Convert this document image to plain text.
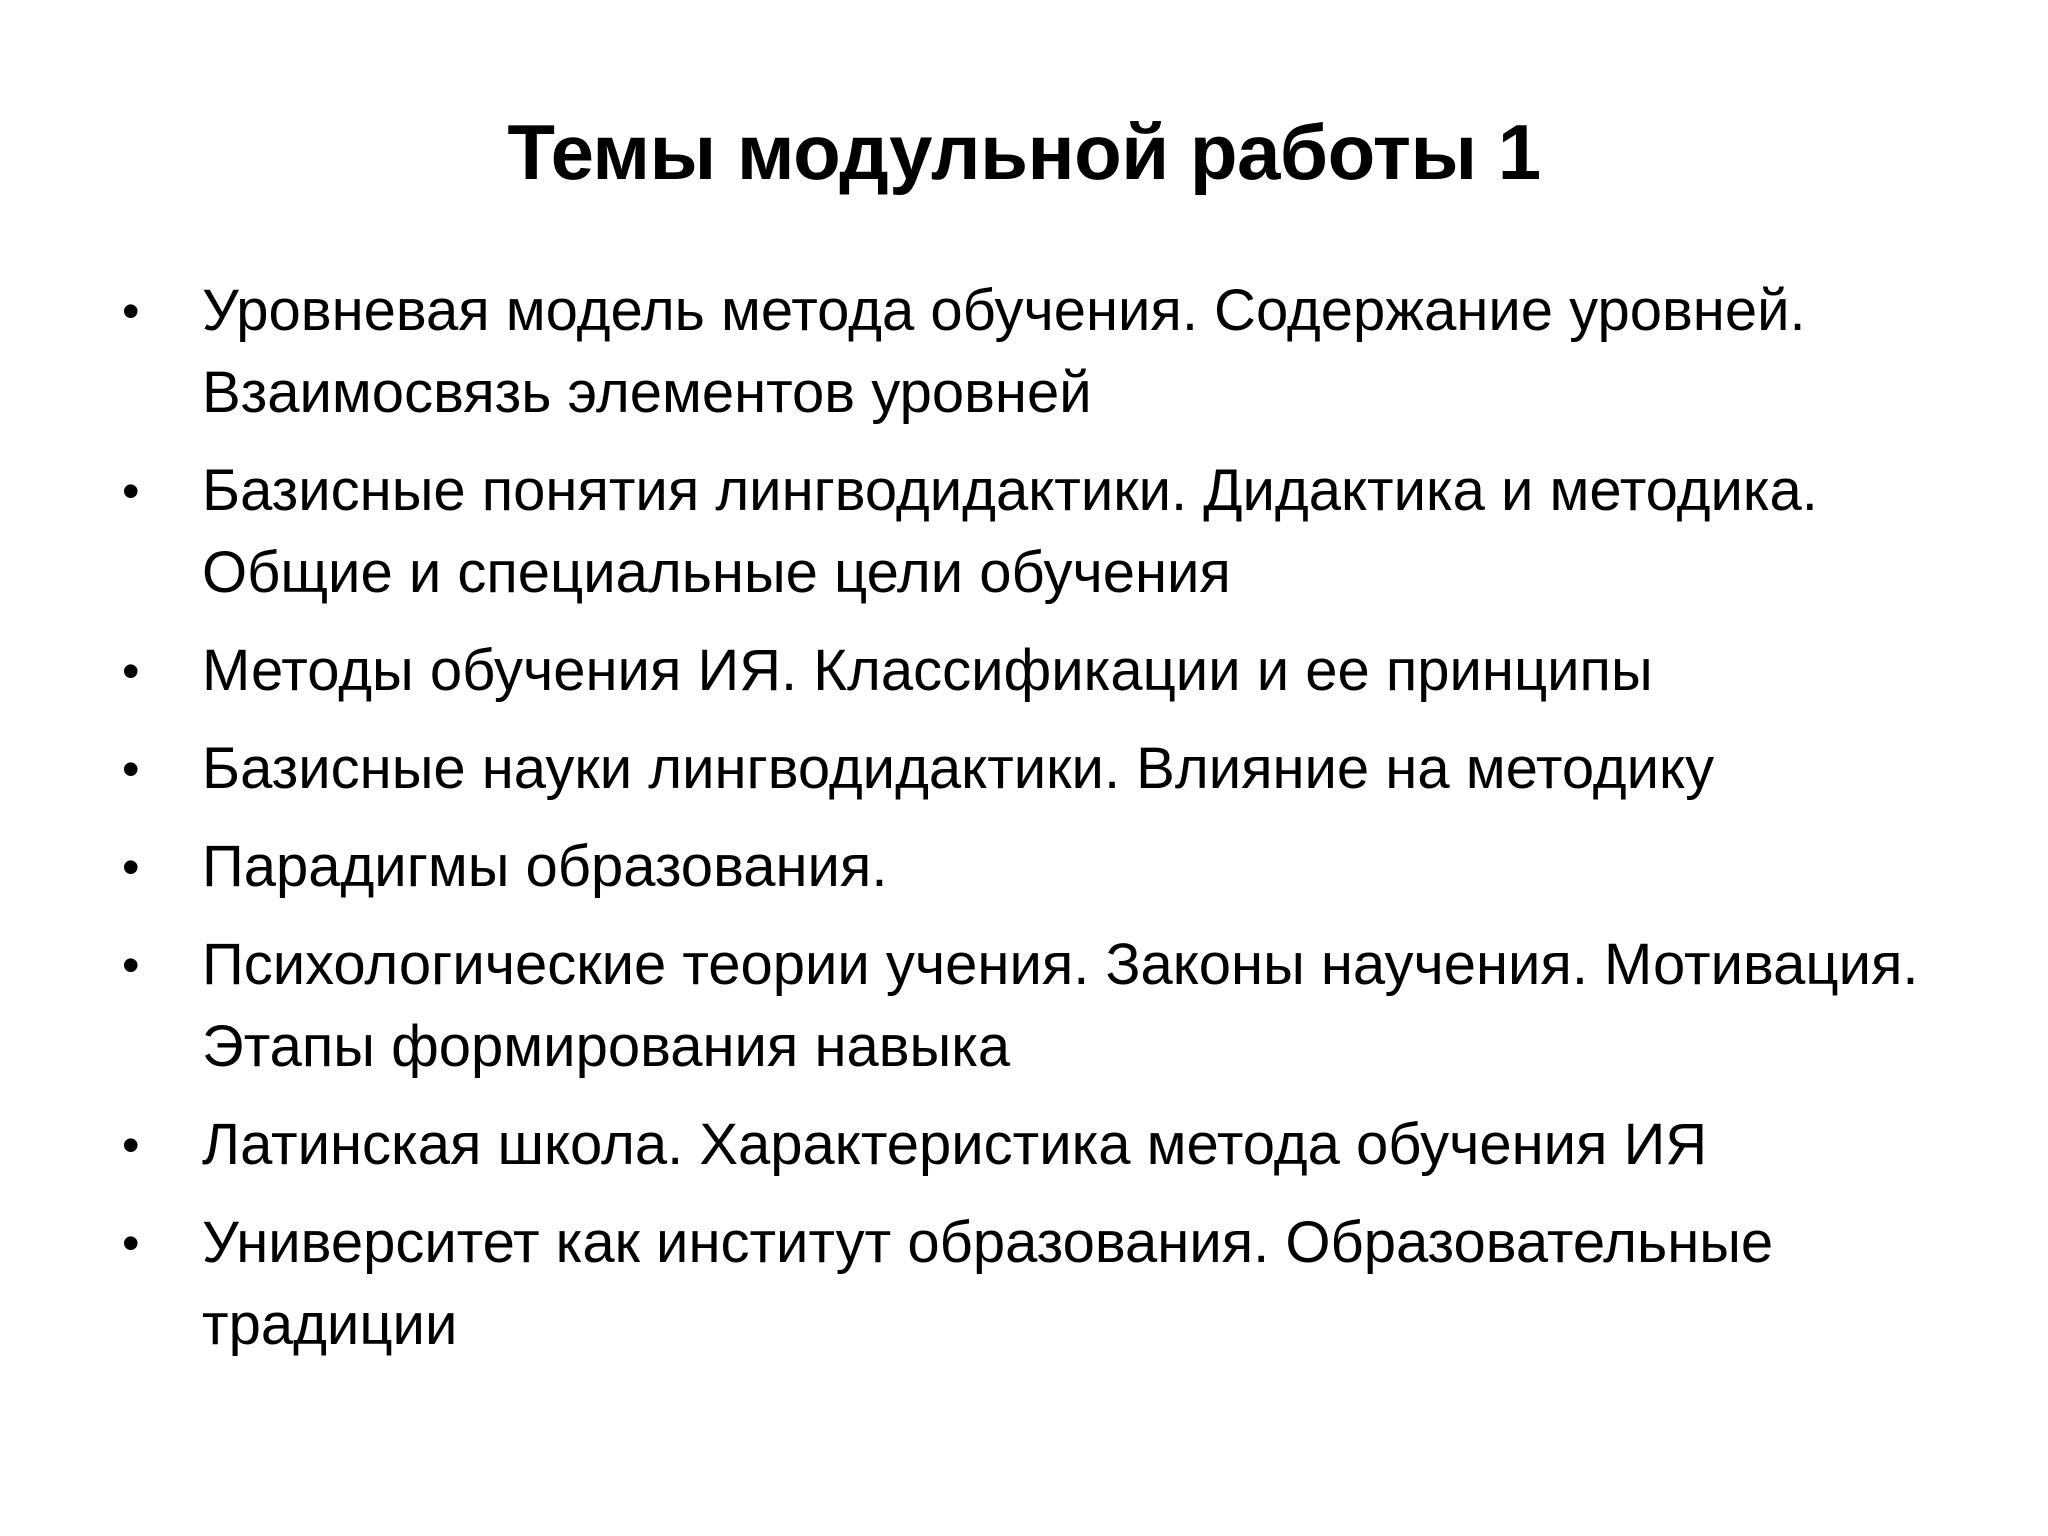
Темы модульной работы 1
• Уровневая модель метода обучения. Содержание уровней. Взаимосвязь элементов уровней
• Базисные понятия лингводидактики. Дидактика и методика. Общие и специальные цели обучения
• Методы обучения ИЯ. Классификации и ее принципы
• Базисные науки лингводидактики. Влияние на методику
• Парадигмы образования.
• Психологические теории учения. Законы научения. Мотивация. Этапы формирования навыка
• Латинская школа. Характеристика метода обучения ИЯ
• Университет как институт образования. Образовательные традиции
